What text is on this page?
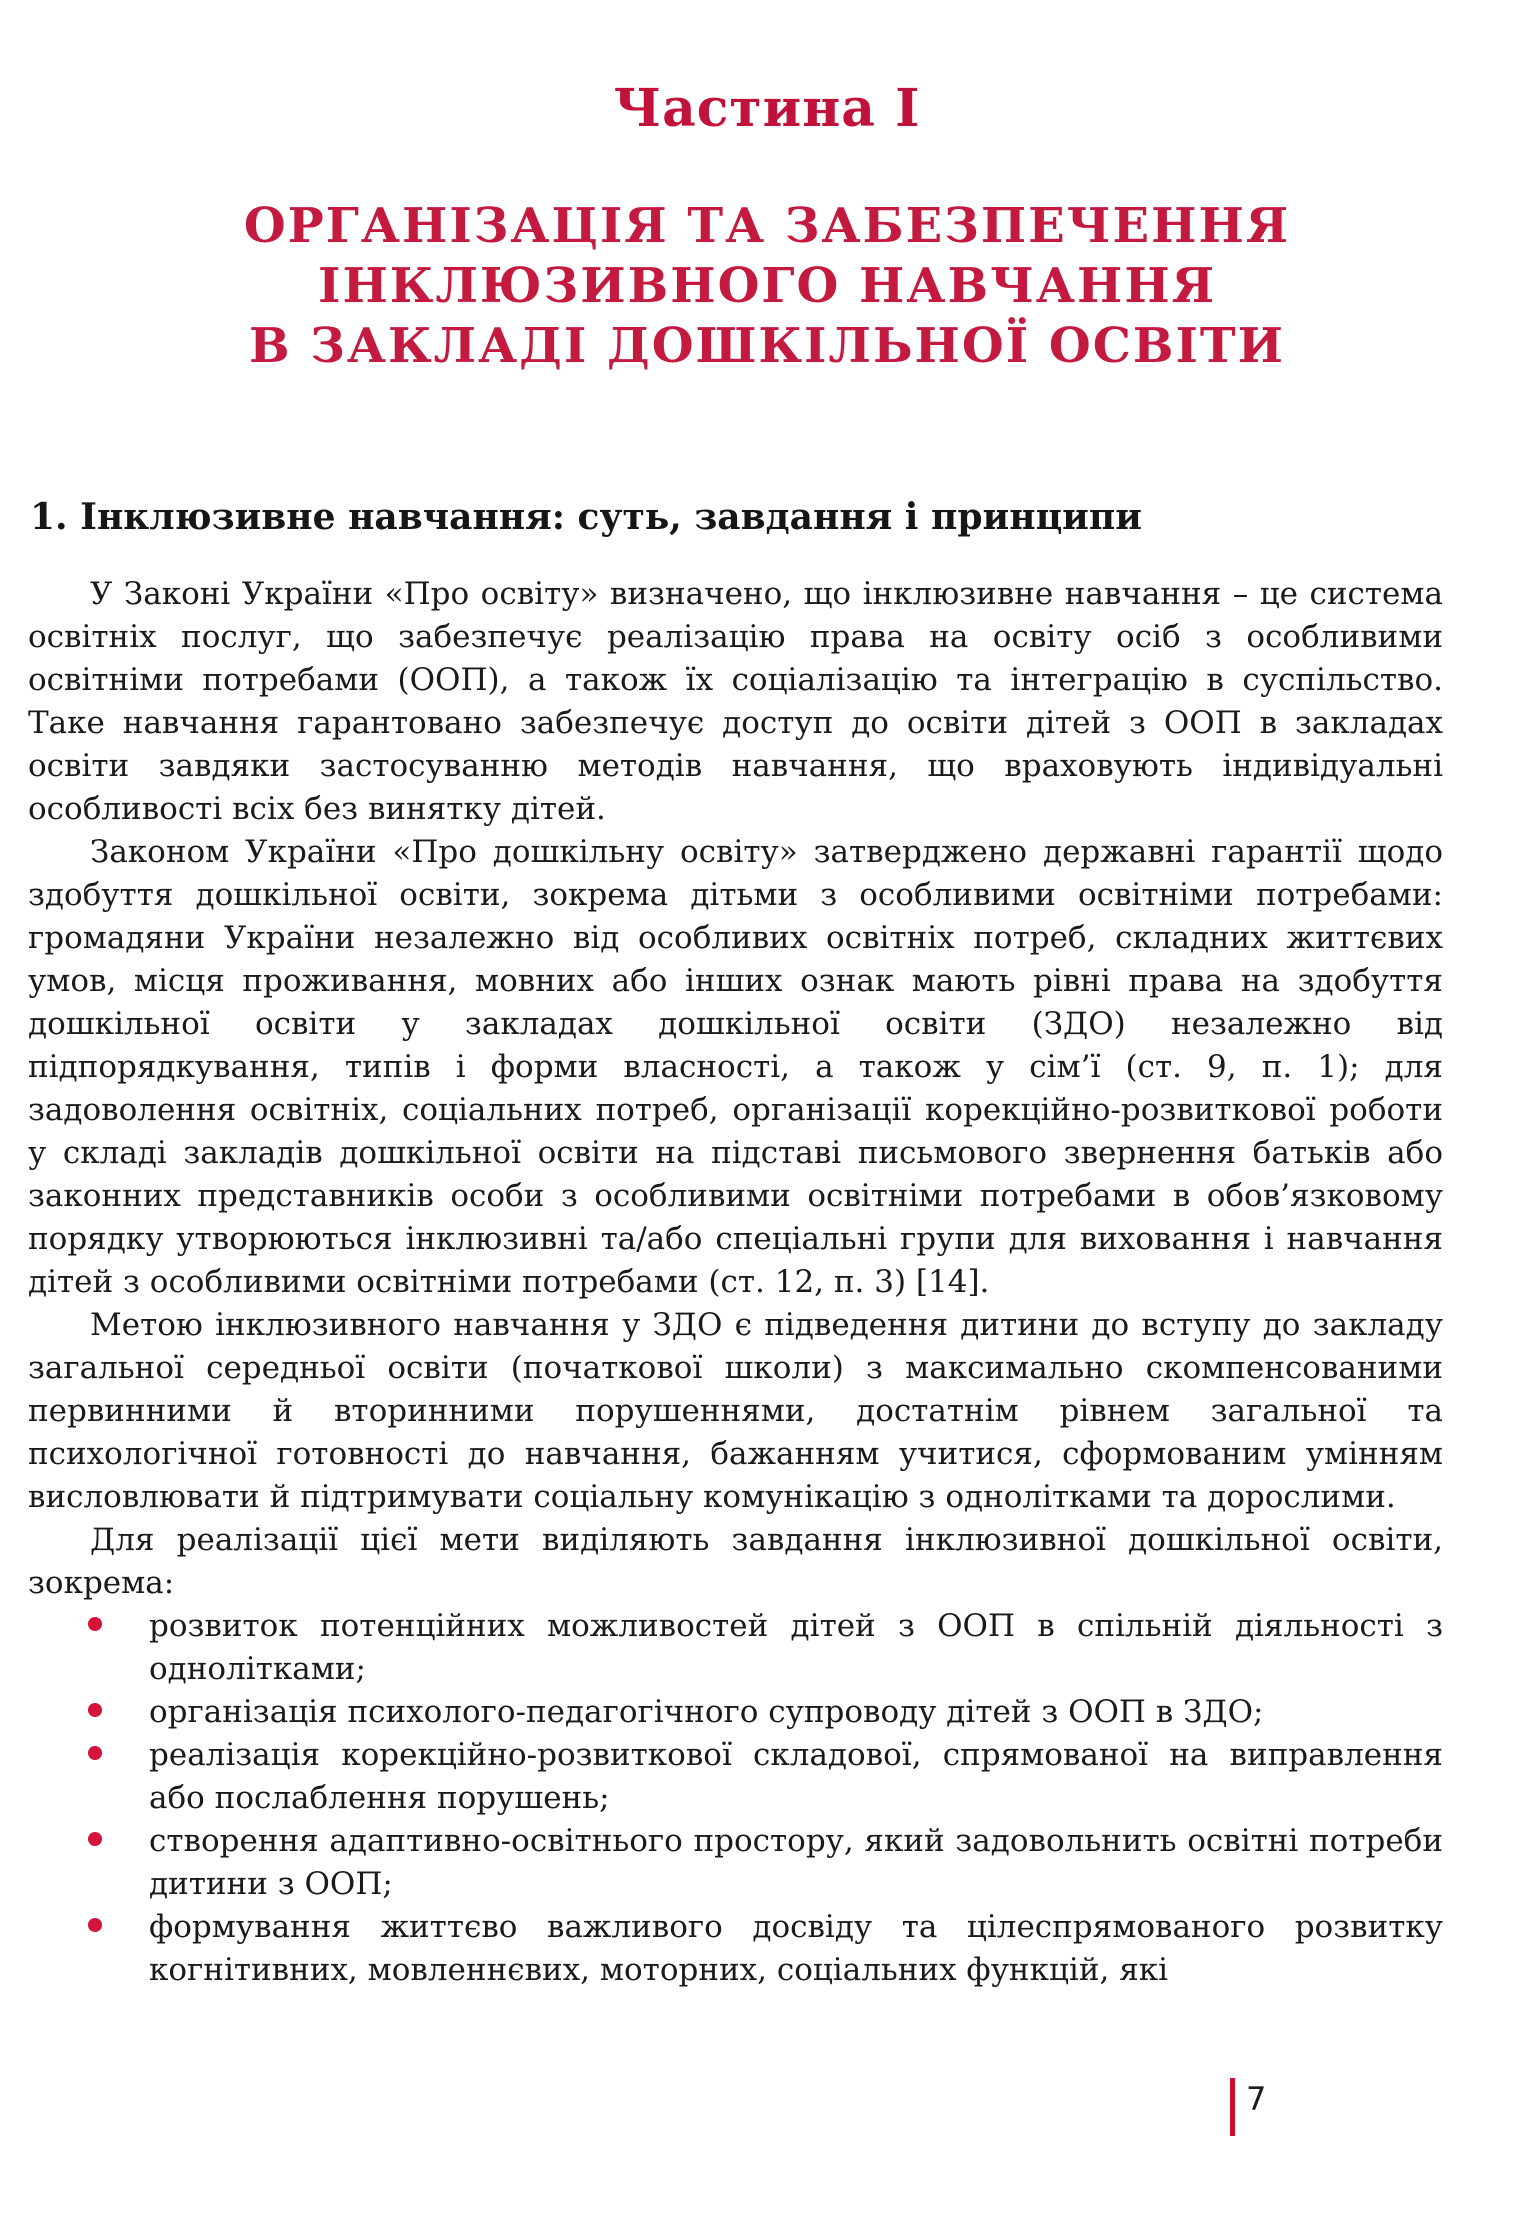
Частина І
ОРГАНІЗАЦІЯ ТА ЗАБЕЗПЕЧЕННЯ
ІНКЛЮЗИВНОГО НАВЧАННЯ
В ЗАКЛАДІ ДОШКІЛЬНОЇ ОСВІТИ
1. Інклюзивне навчання: суть, завдання і принципи

У Законі України «Про освіту» визначено, що інклюзивне навчання – це система освітніх послуг, що забезпечує реалізацію права на освіту осіб з особливими освітніми потребами (ООП), а також їх соціалізацію та інтеграцію в суспільство. Таке навчання гарантовано забезпечує доступ до освіти дітей з ООП в закладах освіти завдяки застосуванню методів навчання, що враховують індивідуальні особливості всіх без винятку дітей.

Законом України «Про дошкільну освіту» затверджено державні гарантії щодо здобуття дошкільної освіти, зокрема дітьми з особливими освітніми потребами: громадяни України незалежно від особливих освітніх потреб, складних життєвих умов, місця проживання, мовних або інших ознак мають рівні права на здобуття дошкільної освіти у закладах дошкільної освіти (ЗДО) незалежно від підпорядкування, типів і форми власності, а також у сім’ї (ст. 9, п. 1); для задоволення освітніх, соціальних потреб, організації корекційно-розвиткової роботи у складі закладів дошкільної освіти на підставі письмового звернення батьків або законних представників особи з особливими освітніми потребами в обов’язковому порядку утворюються інклюзивні та/або спеціальні групи для виховання і навчання дітей з особливими освітніми потребами (ст. 12, п. 3) [14].

Метою інклюзивного навчання у ЗДО є підведення дитини до вступу до закладу загальної середньої освіти (початкової школи) з максимально скомпенсованими первинними й вторинними порушеннями, достатнім рівнем загальної та психологічної готовності до навчання, бажанням учитися, сформованим умінням висловлювати й підтримувати соціальну комунікацію з однолітками та дорослими.

Для реалізації цієї мети виділяють завдання інклюзивної дошкільної освіти, зокрема:

розвиток потенційних можливостей дітей з ООП в спільній діяльності з однолітками;
організація психолого-педагогічного супроводу дітей з ООП в ЗДО;
реалізація корекційно-розвиткової складової, спрямованої на виправлення або послаблення порушень;
створення адаптивно-освітнього простору, який задовольнить освітні потреби дитини з ООП;
формування життєво важливого досвіду та цілеспрямованого розвитку когнітивних, мовленнєвих, моторних, соціальних функцій, які
7
